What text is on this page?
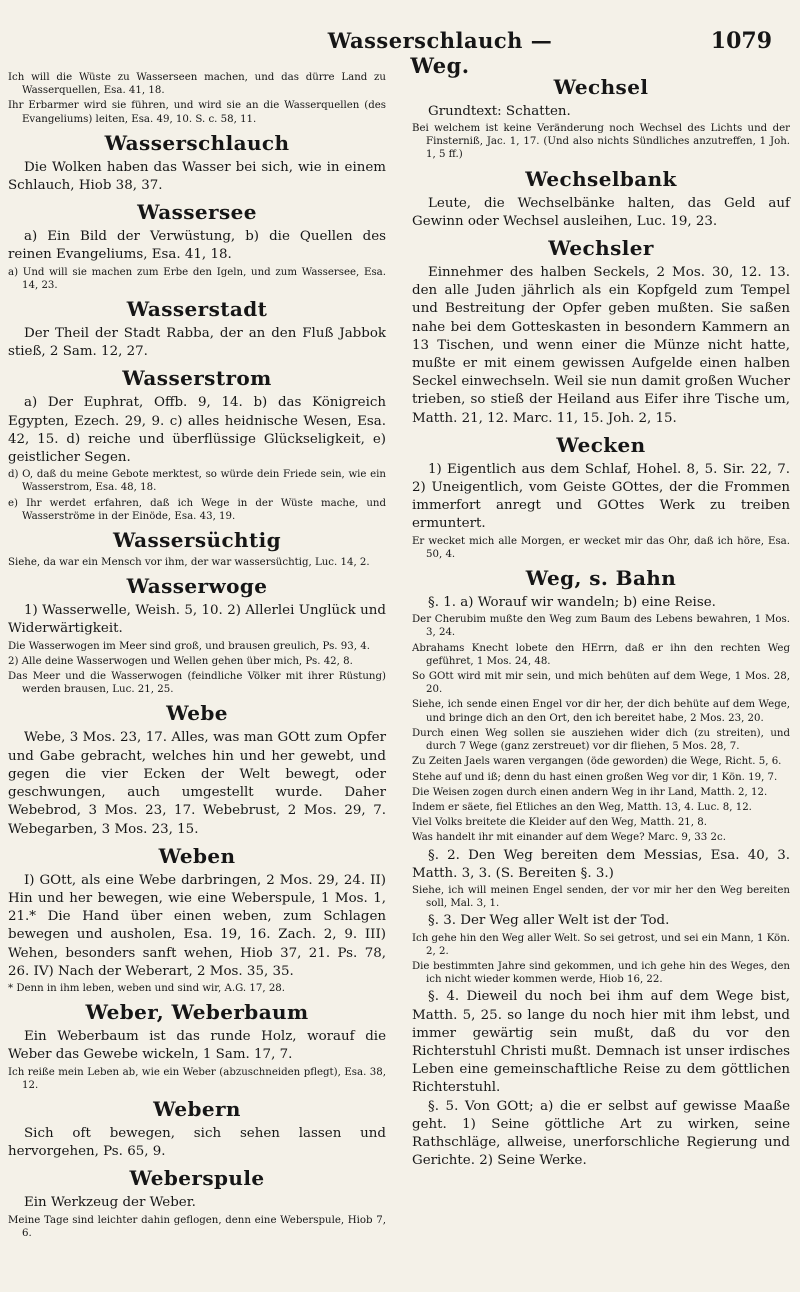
Wasserschlauch — Weg.
1079

Ich will die Wüste zu Wasserseen machen, und das dürre Land zu Wasserquellen, Esa. 41, 18.

Ihr Erbarmer wird sie führen, und wird sie an die Wasserquellen (des Evangeliums) leiten, Esa. 49, 10. S. c. 58, 11.

Wasserschlauch

Die Wolken haben das Wasser bei sich, wie in einem Schlauch, Hiob 38, 37.

Wassersee

a) Ein Bild der Verwüstung, b) die Quellen des reinen Evangeliums, Esa. 41, 18.

a) Und will sie machen zum Erbe den Igeln, und zum Wassersee, Esa. 14, 23.

Wasserstadt

Der Theil der Stadt Rabba, der an den Fluß Jabbok stieß, 2 Sam. 12, 27.

Wasserstrom

a) Der Euphrat, Offb. 9, 14. b) das Königreich Egypten, Ezech. 29, 9. c) alles heidnische Wesen, Esa. 42, 15. d) reiche und überflüssige Glückseligkeit, e) geistlicher Segen.

d) O, daß du meine Gebote merktest, so würde dein Friede sein, wie ein Wasserstrom, Esa. 48, 18.

e) Ihr werdet erfahren, daß ich Wege in der Wüste mache, und Wasserströme in der Einöde, Esa. 43, 19.

Wassersüchtig

Siehe, da war ein Mensch vor ihm, der war wassersüchtig, Luc. 14, 2.

Wasserwoge

1) Wasserwelle, Weish. 5, 10. 2) Allerlei Unglück und Widerwärtigkeit.

Die Wasserwogen im Meer sind groß, und brausen greulich, Ps. 93, 4.

2) Alle deine Wasserwogen und Wellen gehen über mich, Ps. 42, 8.

Das Meer und die Wasserwogen (feindliche Völker mit ihrer Rüstung) werden brausen, Luc. 21, 25.

Webe

Webe, 3 Mos. 23, 17. Alles, was man GOtt zum Opfer und Gabe gebracht, welches hin und her gewebt, und gegen die vier Ecken der Welt bewegt, oder geschwungen, auch umgestellt wurde. Daher Webebrod, 3 Mos. 23, 17. Webebrust, 2 Mos. 29, 7. Webegarben, 3 Mos. 23, 15.

Weben

I) GOtt, als eine Webe darbringen, 2 Mos. 29, 24. II) Hin und her bewegen, wie eine Weberspule, 1 Mos. 1, 21.* Die Hand über einen weben, zum Schlagen bewegen und ausholen, Esa. 19, 16. Zach. 2, 9. III) Wehen, besonders sanft wehen, Hiob 37, 21. Ps. 78, 26. IV) Nach der Weberart, 2 Mos. 35, 35.

* Denn in ihm leben, weben und sind wir, A.G. 17, 28.

Weber, Weberbaum

Ein Weberbaum ist das runde Holz, worauf die Weber das Gewebe wickeln, 1 Sam. 17, 7.

Ich reiße mein Leben ab, wie ein Weber (abzuschneiden pflegt), Esa. 38, 12.

Webern

Sich oft bewegen, sich sehen lassen und hervorgehen, Ps. 65, 9.

Weberspule

Ein Werkzeug der Weber.

Meine Tage sind leichter dahin geflogen, denn eine Weberspule, Hiob 7, 6.

Wechsel

Grundtext: Schatten.

Bei welchem ist keine Veränderung noch Wechsel des Lichts und der Finsterniß, Jac. 1, 17. (Und also nichts Sündliches anzutreffen, 1 Joh. 1, 5 ff.)

Wechselbank

Leute, die Wechselbänke halten, das Geld auf Gewinn oder Wechsel ausleihen, Luc. 19, 23.

Wechsler

Einnehmer des halben Seckels, 2 Mos. 30, 12. 13. den alle Juden jährlich als ein Kopfgeld zum Tempel und Bestreitung der Opfer geben mußten. Sie saßen nahe bei dem Gotteskasten in besondern Kammern an 13 Tischen, und wenn einer die Münze nicht hatte, mußte er mit einem gewissen Aufgelde einen halben Seckel einwechseln. Weil sie nun damit großen Wucher trieben, so stieß der Heiland aus Eifer ihre Tische um, Matth. 21, 12. Marc. 11, 15. Joh. 2, 15.

Wecken

1) Eigentlich aus dem Schlaf, Hohel. 8, 5. Sir. 22, 7. 2) Uneigentlich, vom Geiste GOttes, der die Frommen immerfort anregt und GOttes Werk zu treiben ermuntert.

Er wecket mich alle Morgen, er wecket mir das Ohr, daß ich höre, Esa. 50, 4.

Weg, s. Bahn

§. 1. a) Worauf wir wandeln; b) eine Reise.

Der Cherubim mußte den Weg zum Baum des Lebens bewahren, 1 Mos. 3, 24.

Abrahams Knecht lobete den HErrn, daß er ihn den rechten Weg geführet, 1 Mos. 24, 48.

So GOtt wird mit mir sein, und mich behüten auf dem Wege, 1 Mos. 28, 20.

Siehe, ich sende einen Engel vor dir her, der dich behüte auf dem Wege, und bringe dich an den Ort, den ich bereitet habe, 2 Mos. 23, 20.

Durch einen Weg sollen sie ausziehen wider dich (zu streiten), und durch 7 Wege (ganz zerstreuet) vor dir fliehen, 5 Mos. 28, 7.

Zu Zeiten Jaels waren vergangen (öde geworden) die Wege, Richt. 5, 6.

Stehe auf und iß; denn du hast einen großen Weg vor dir, 1 Kön. 19, 7.

Die Weisen zogen durch einen andern Weg in ihr Land, Matth. 2, 12.

Indem er säete, fiel Etliches an den Weg, Matth. 13, 4. Luc. 8, 12.

Viel Volks breitete die Kleider auf den Weg, Matth. 21, 8.

Was handelt ihr mit einander auf dem Wege? Marc. 9, 33 2c.

§. 2. Den Weg bereiten dem Messias, Esa. 40, 3. Matth. 3, 3. (S. Bereiten §. 3.)

Siehe, ich will meinen Engel senden, der vor mir her den Weg bereiten soll, Mal. 3, 1.

§. 3. Der Weg aller Welt ist der Tod.

Ich gehe hin den Weg aller Welt. So sei getrost, und sei ein Mann, 1 Kön. 2, 2.

Die bestimmten Jahre sind gekommen, und ich gehe hin des Weges, den ich nicht wieder kommen werde, Hiob 16, 22.

§. 4. Dieweil du noch bei ihm auf dem Wege bist, Matth. 5, 25. so lange du noch hier mit ihm lebst, und immer gewärtig sein mußt, daß du vor den Richterstuhl Christi mußt. Demnach ist unser irdisches Leben eine gemeinschaftliche Reise zu dem göttlichen Richterstuhl.

§. 5. Von GOtt; a) die er selbst auf gewisse Maaße geht. 1) Seine göttliche Art zu wirken, seine Rathschläge, allweise, unerforschliche Regierung und Gerichte. 2) Seine Werke.
